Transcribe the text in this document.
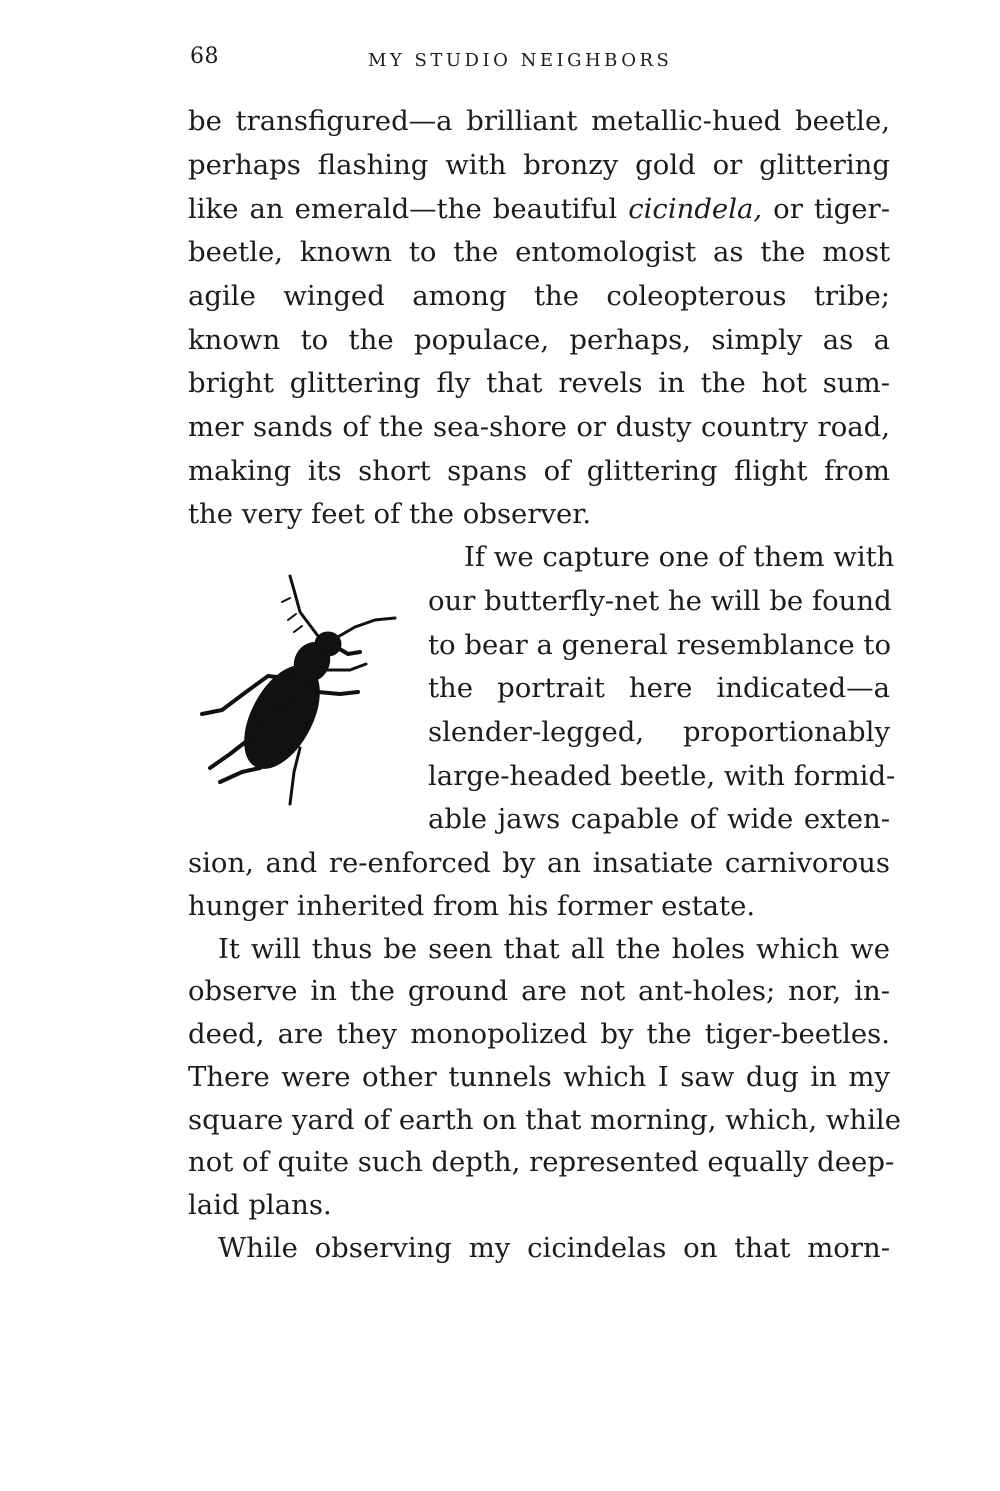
68	MY STUDIO NEIGHBORS

be transfigured—a brilliant metallic-hued beetle,

perhaps flashing with bronzy gold or glittering

like an emerald—the beautiful cicindela, or tiger-

beetle, known to the entomologist as the most

agile winged among the coleopterous tribe;

known to the populace, perhaps, simply as a

bright glittering fly that revels in the hot sum-

mer sands of the sea-shore or dusty country road,

making its short spans of glittering flight from

the very feet of the observer.

If we capture one of them with

our butterfly-net he will be found

to bear a general resemblance to

the portrait here indicated—a

slender-legged, proportionably

large-headed beetle, with formid-

able jaws capable of wide exten-

sion, and re-enforced by an insatiate carnivorous

hunger inherited from his former estate.

It will thus be seen that all the holes which we

observe in the ground are not ant-holes; nor, in-

deed, are they monopolized by the tiger-beetles.

There were other tunnels which I saw dug in my

square yard of earth on that morning, which, while

not of quite such depth, represented equally deep-

laid plans.

While observing my cicindelas on that morn-
